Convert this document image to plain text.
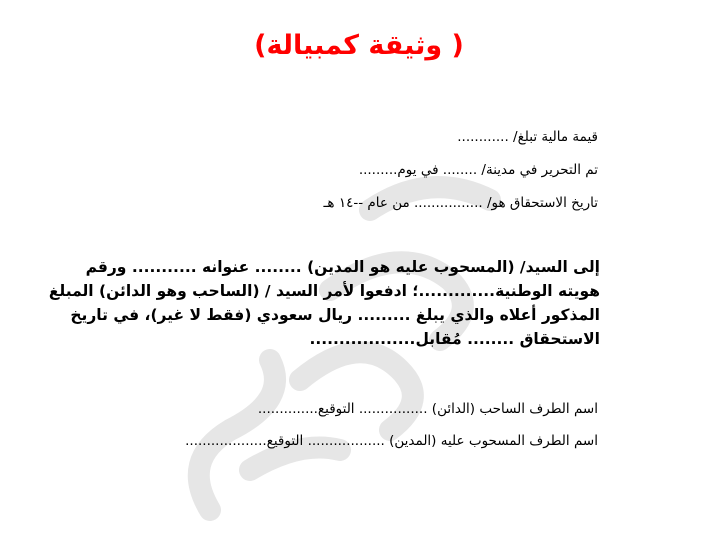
( وثيقة كمبيالة)
قيمة مالية تبلغ/ ............
تم التحرير في مدينة/ ........ في يوم.........
تاريخ الاستحقاق هو/ ................ من عام --١٤ هـ
إلى السيد/ (المسحوب عليه هو المدين) ........ عنوانه ........... ورقم
هويته الوطنية.............؛ ادفعوا لأمر السيد / (الساحب وهو الدائن) المبلغ
المذكور أعلاه والذي يبلغ ......... ريال سعودي (فقط لا غير)، في تاريخ
الاستحقاق ........ مُقابل..................
اسم الطرف الساحب (الدائن) ................ التوقيع..............
اسم الطرف المسحوب عليه (المدين) .................. التوقيع...................
